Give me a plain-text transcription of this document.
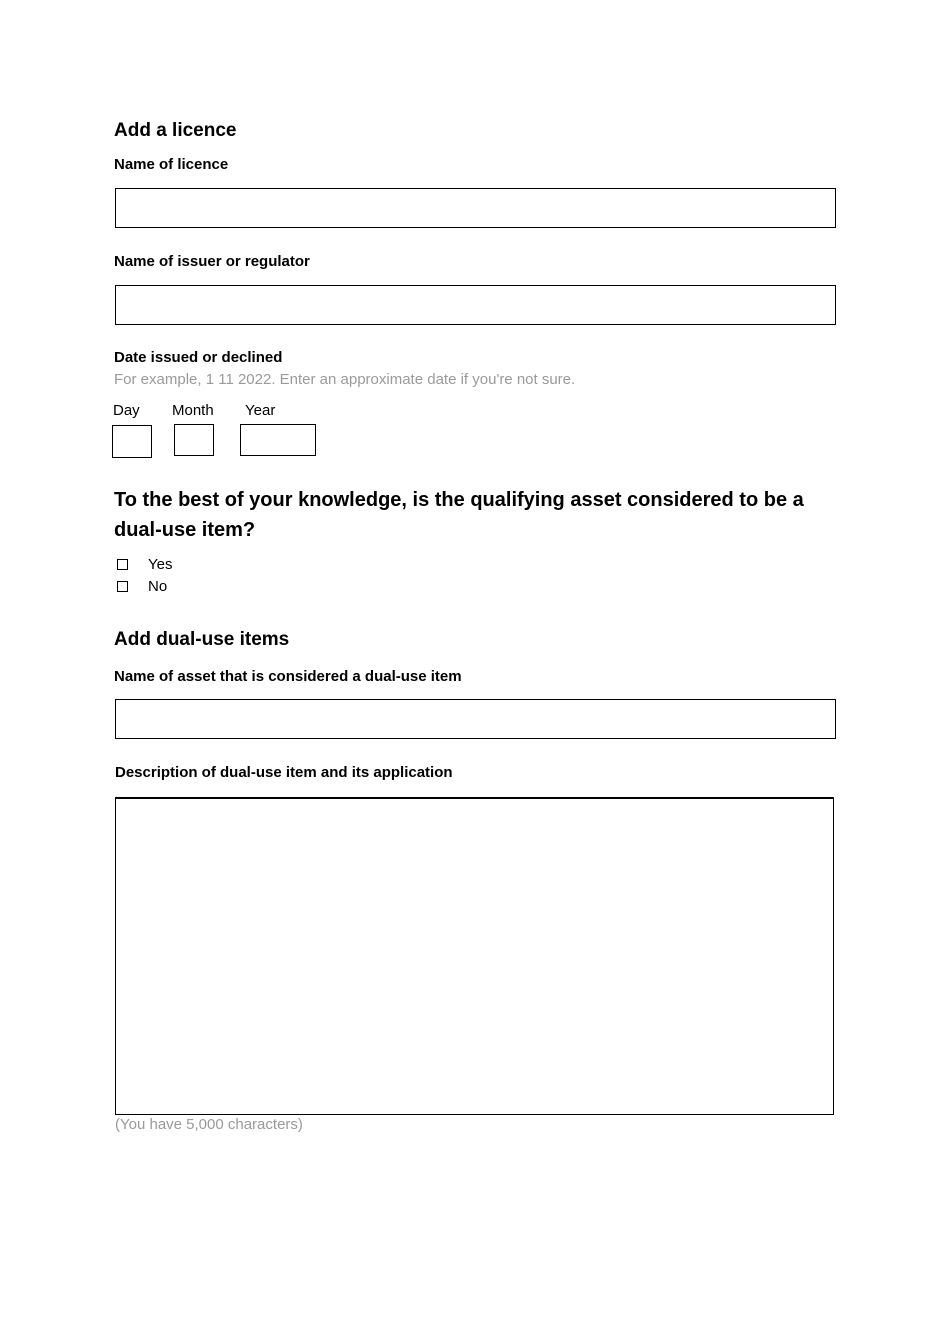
Add a licence
Name of licence
Name of issuer or regulator
Date issued or declined
For example, 1 11 2022. Enter an approximate date if you're not sure.
Day Month Year
To the best of your knowledge, is the qualifying asset considered to be a dual-use item?
Yes
No
Add dual-use items
Name of asset that is considered a dual-use item
Description of dual-use item and its application
(You have 5,000 characters)
